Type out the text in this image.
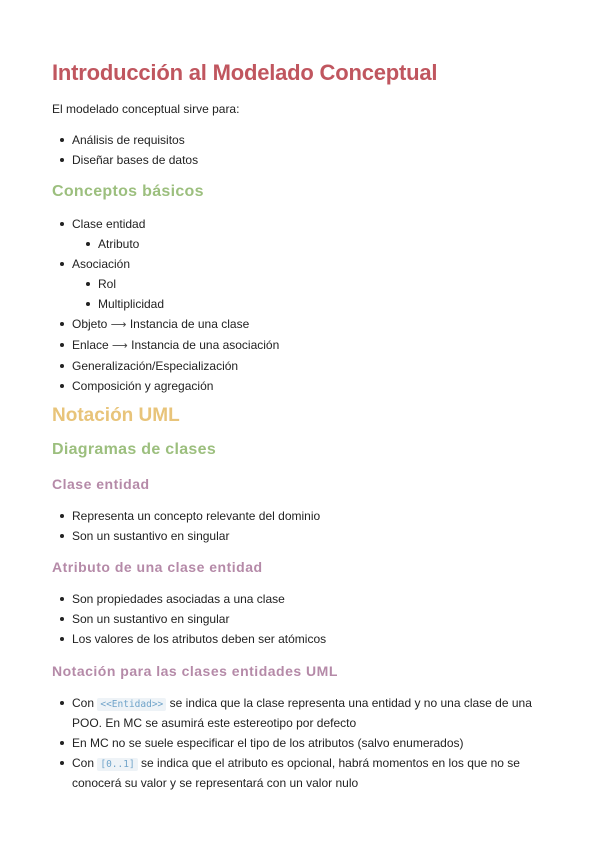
Introducción al Modelado Conceptual

El modelado conceptual sirve para:

Análisis de requisitos
Diseñar bases de datos
Conceptos básicos
Clase entidad
Atributo
Asociación
Rol
Multiplicidad
Objeto ⟶ Instancia de una clase
Enlace ⟶ Instancia de una asociación
Generalización/Especialización
Composición y agregación
Notación UML
Diagramas de clases
Clase entidad
Representa un concepto relevante del dominio
Son un sustantivo en singular
Atributo de una clase entidad
Son propiedades asociadas a una clase
Son un sustantivo en singular
Los valores de los atributos deben ser atómicos
Notación para las clases entidades UML
Con <<Entidad>> se indica que la clase representa una entidad y no una clase de una POO. En MC se asumirá este estereotipo por defecto
En MC no se suele especificar el tipo de los atributos (salvo enumerados)
Con [0..1] se indica que el atributo es opcional, habrá momentos en los que no se conocerá su valor y se representará con un valor nulo
